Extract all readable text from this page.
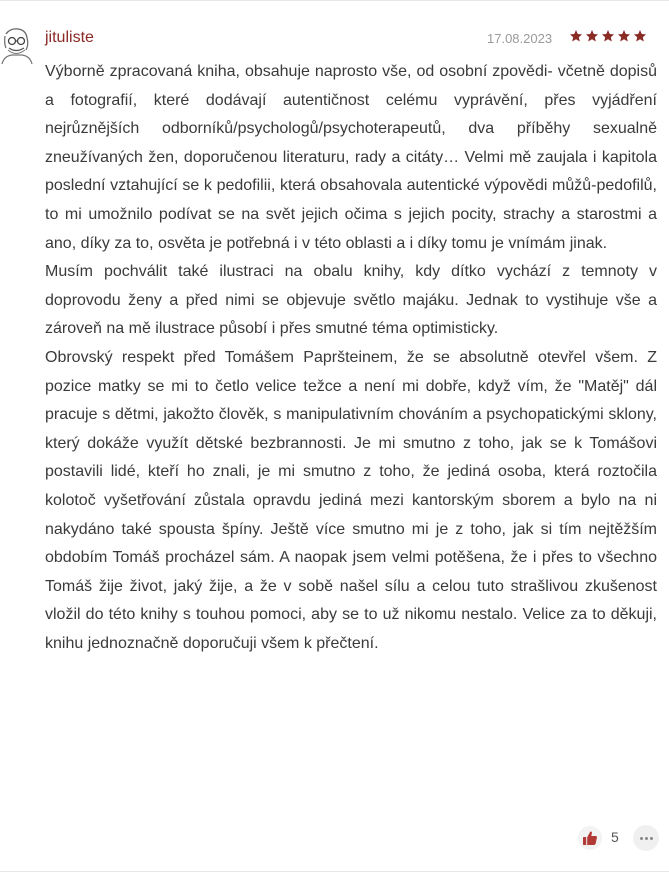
jituliste	17.08.2023

Výborně zpracovaná kniha, obsahuje naprosto vše, od osobní zpovědi- včetně dopisů a fotografií, které dodávají autentičnost celému vyprávění, přes vyjádření nejrůznějších odborníků/psychologů/psychoterapeutů, dva příběhy sexualně zneužívaných žen, doporučenou literaturu, rady a citáty… Velmi mě zaujala i kapitola poslední vztahující se k pedofilii, která obsahovala autentické výpovědi můžů-pedofilů, to mi umožnilo podívat se na svět jejich očima s jejich pocity, strachy a starostmi a ano, díky za to, osvěta je potřebná i v této oblasti a i díky tomu je vnímám jinak.

Musím pochválit také ilustraci na obalu knihy, kdy dítko vychází z temnoty v doprovodu ženy a před nimi se objevuje světlo majáku. Jednak to vystihuje vše a zároveň na mě ilustrace působí i přes smutné téma optimisticky.

Obrovský respekt před Tomášem Papršteinem, že se absolutně otevřel všem. Z pozice matky se mi to četlo velice težce a není mi dobře, když vím, že "Matěj" dál pracuje s dětmi, jakožto člověk, s manipulativním chováním a psychopatickými sklony, který dokáže využít dětské bezbrannosti. Je mi smutno z toho, jak se k Tomášovi postavili lidé, kteří ho znali, je mi smutno z toho, že jediná osoba, která roztočila kolotoč vyšetřování zůstala opravdu jediná mezi kantorským sborem a bylo na ni nakydáno také spousta špíny. Ještě více smutno mi je z toho, jak si tím nejtěžším obdobím Tomáš procházel sám. A naopak jsem velmi potěšena, že i přes to všechno Tomáš žije život, jaký žije, a že v sobě našel sílu a celou tuto strašlivou zkušenost vložil do této knihy s touhou pomoci, aby se to už nikomu nestalo. Velice za to děkuji, knihu jednoznačně doporučuji všem k přečtení.

5
